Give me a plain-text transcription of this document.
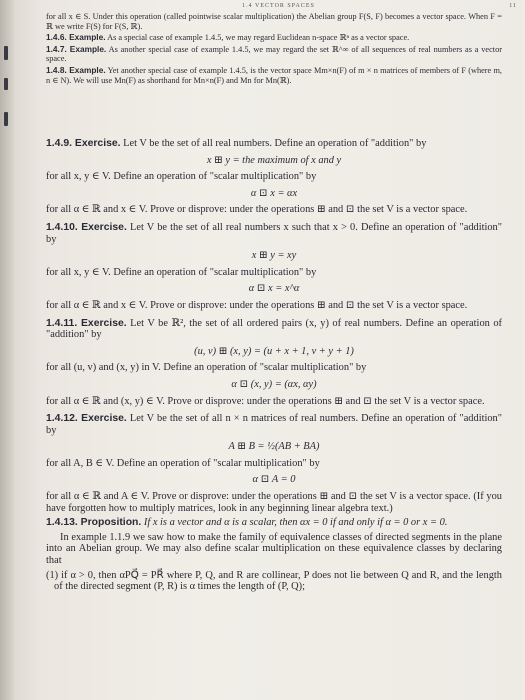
1.4 VECTOR SPACES	11

for all x ∈ S. Under this operation (called pointwise scalar multiplication) the Abelian group F(S, F) becomes a vector space. When F = ℝ we write F(S) for F(S, ℝ).

1.4.6. Example. As a special case of example 1.4.5, we may regard Euclidean n-space ℝⁿ as a vector space.

1.4.7. Example. As another special case of example 1.4.5, we may regard the set ℝ^∞ of all sequences of real numbers as a vector space.

1.4.8. Example. Yet another special case of example 1.4.5, is the vector space Mm×n(F) of m × n matrices of members of F (where m, n ∈ N). We will use Mn(F) as shorthand for Mn×n(F) and Mn for Mn(ℝ).

1.4.9. Exercise. Let V be the set of all real numbers. Define an operation of "addition" by

x ⊞ y = the maximum of x and y

for all x, y ∈ V. Define an operation of "scalar multiplication" by

α ⊡ x = αx

for all α ∈ ℝ and x ∈ V. Prove or disprove: under the operations ⊞ and ⊡ the set V is a vector space.

1.4.10. Exercise. Let V be the set of all real numbers x such that x > 0. Define an operation of "addition" by

x ⊞ y = xy

for all x, y ∈ V. Define an operation of "scalar multiplication" by

α ⊡ x = x^α

for all α ∈ ℝ and x ∈ V. Prove or disprove: under the operations ⊞ and ⊡ the set V is a vector space.

1.4.11. Exercise. Let V be ℝ², the set of all ordered pairs (x, y) of real numbers. Define an operation of "addition" by

(u, v) ⊞ (x, y) = (u + x + 1, v + y + 1)

for all (u, v) and (x, y) in V. Define an operation of "scalar multiplication" by

α ⊡ (x, y) = (αx, αy)

for all α ∈ ℝ and (x, y) ∈ V. Prove or disprove: under the operations ⊞ and ⊡ the set V is a vector space.

1.4.12. Exercise. Let V be the set of all n × n matrices of real numbers. Define an operation of "addition" by

A ⊞ B = ½(AB + BA)

for all A, B ∈ V. Define an operation of "scalar multiplication" by

α ⊡ A = 0

for all α ∈ ℝ and A ∈ V. Prove or disprove: under the operations ⊞ and ⊡ the set V is a vector space. (If you have forgotten how to multiply matrices, look in any beginning linear algebra text.)

1.4.13. Proposition. If x is a vector and α is a scalar, then αx = 0 if and only if α = 0 or x = 0.

In example 1.1.9 we saw how to make the family of equivalence classes of directed segments in the plane into an Abelian group. We may also define scalar multiplication on these equivalence classes by declaring that

(1) if α > 0, then αPQ⃗ = PR⃗ where P, Q, and R are collinear, P does not lie between Q and R, and the length of the directed segment (P, R) is α times the length of (P, Q);
